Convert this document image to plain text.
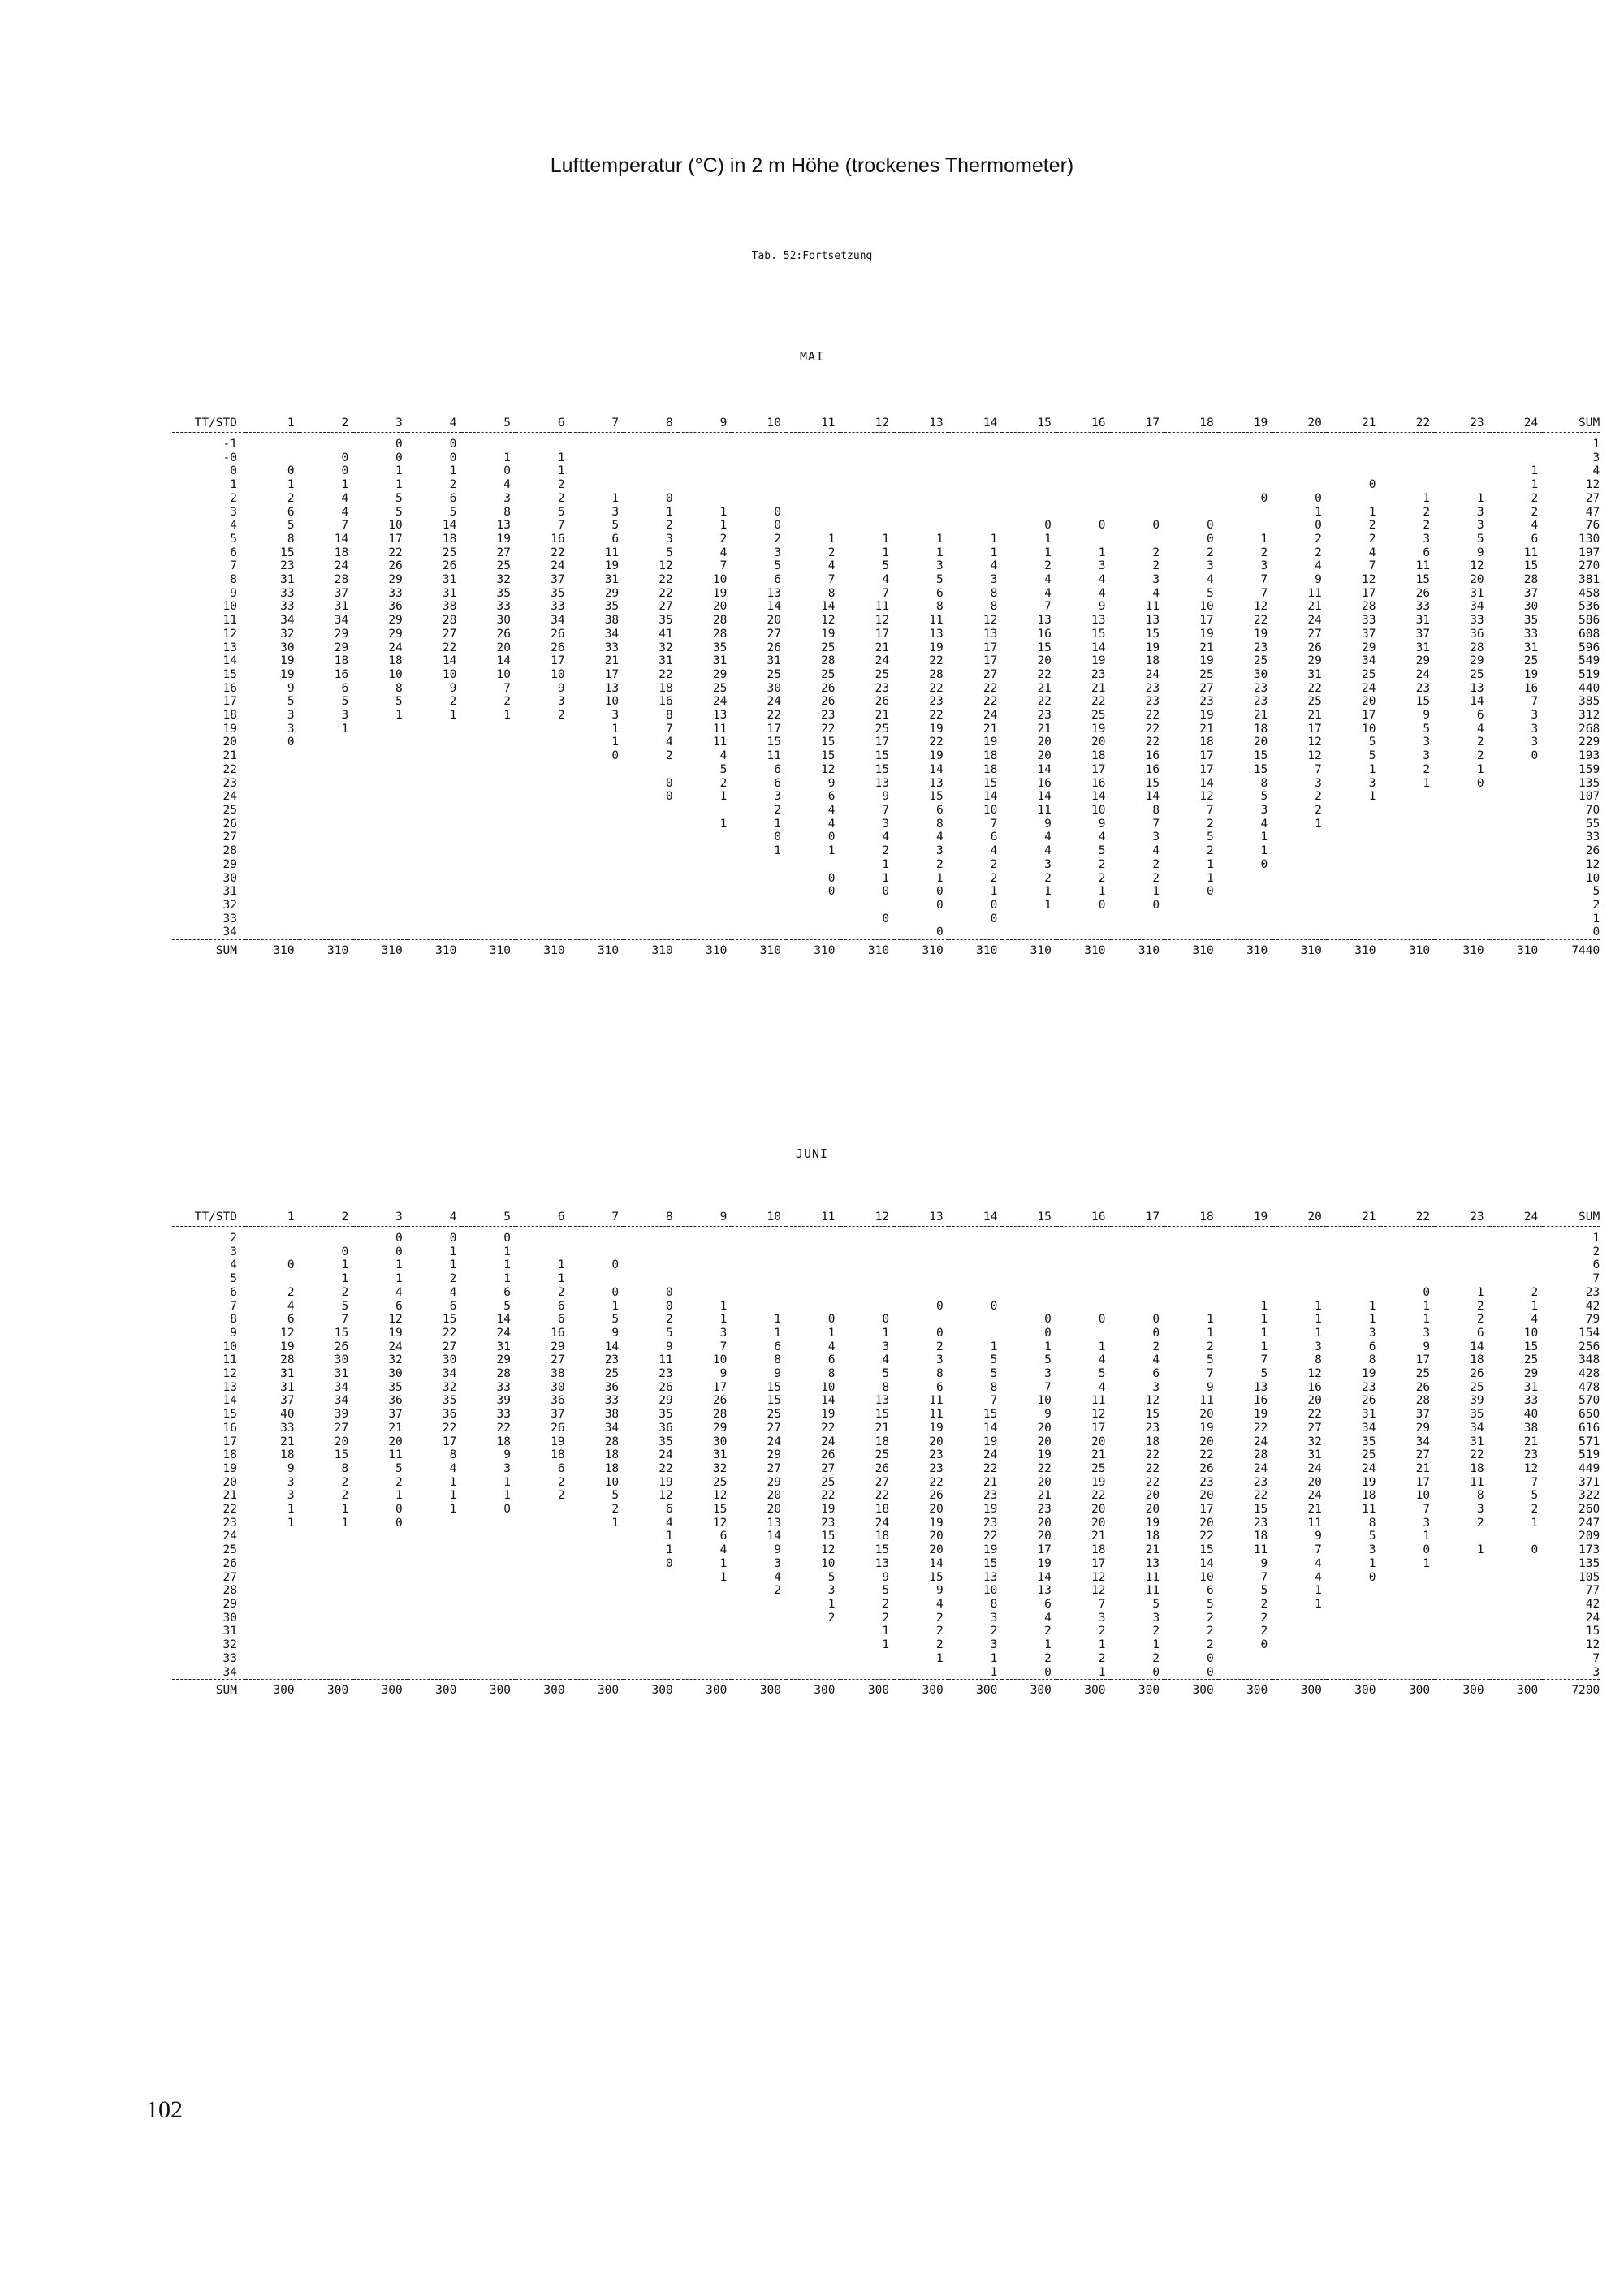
Lufttemperatur (°C) in 2 m Höhe (trockenes Thermometer)
Tab. 52:Fortsetzung
MAI
TT/STD	1	2	3	4	5	6	7	8	9	10	11	12	13	14	15	16	17	18	19	20	21	22	23	24	SUM

-1			0	0																					1
-0		0	0	0	1	1																			3
0	0	0	1	1	0	1																		1	4
1	1	1	1	2	4	2															0			1	12
2	2	4	5	6	3	2	1	0											0	0		1	1	2	27
3	6	4	5	5	8	5	3	1	1	0										1	1	2	3	2	47
4	5	7	10	14	13	7	5	2	1	0					0	0	0	0		0	2	2	3	4	76
5	8	14	17	18	19	16	6	3	2	2	1	1	1	1	1			0	1	2	2	3	5	6	130
6	15	18	22	25	27	22	11	5	4	3	2	1	1	1	1	1	2	2	2	2	4	6	9	11	197
7	23	24	26	26	25	24	19	12	7	5	4	5	3	4	2	3	2	3	3	4	7	11	12	15	270
8	31	28	29	31	32	37	31	22	10	6	7	4	5	3	4	4	3	4	7	9	12	15	20	28	381
9	33	37	33	31	35	35	29	22	19	13	8	7	6	8	4	4	4	5	7	11	17	26	31	37	458
10	33	31	36	38	33	33	35	27	20	14	14	11	8	8	7	9	11	10	12	21	28	33	34	30	536
11	34	34	29	28	30	34	38	35	28	20	12	12	11	12	13	13	13	17	22	24	33	31	33	35	586
12	32	29	29	27	26	26	34	41	28	27	19	17	13	13	16	15	15	19	19	27	37	37	36	33	608
13	30	29	24	22	20	26	33	32	35	26	25	21	19	17	15	14	19	21	23	26	29	31	28	31	596
14	19	18	18	14	14	17	21	31	31	31	28	24	22	17	20	19	18	19	25	29	34	29	29	25	549
15	19	16	10	10	10	10	17	22	29	25	25	25	28	27	22	23	24	25	30	31	25	24	25	19	519
16	9	6	8	9	7	9	13	18	25	30	26	23	22	22	21	21	23	27	23	22	24	23	13	16	440
17	5	5	5	2	2	3	10	16	24	24	26	26	23	22	22	22	23	23	23	25	20	15	14	7	385
18	3	3	1	1	1	2	3	8	13	22	23	21	22	24	23	25	22	19	21	21	17	9	6	3	312
19	3	1					1	7	11	17	22	25	19	21	21	19	22	21	18	17	10	5	4	3	268
20	0						1	4	11	15	15	17	22	19	20	20	22	18	20	12	5	3	2	3	229
21							0	2	4	11	15	15	19	18	20	18	16	17	15	12	5	3	2	0	193
22									5	6	12	15	14	18	14	17	16	17	15	7	1	2	1		159
23								0	2	6	9	13	13	15	16	16	15	14	8	3	3	1	0		135
24								0	1	3	6	9	15	14	14	14	14	12	5	2	1				107
25										2	4	7	6	10	11	10	8	7	3	2					70
26									1	1	4	3	8	7	9	9	7	2	4	1					55
27										0	0	4	4	6	4	4	3	5	1						33
28										1	1	2	3	4	4	5	4	2	1						26
29												1	2	2	3	2	2	1	0						12
30											0	1	1	2	2	2	2	1							10
31											0	0	0	1	1	1	1	0							5
32													0	0	1	0	0								2
33												0		0											1
34													0												0
SUM	310	310	310	310	310	310	310	310	310	310	310	310	310	310	310	310	310	310	310	310	310	310	310	310	7440
JUNI
TT/STD	1	2	3	4	5	6	7	8	9	10	11	12	13	14	15	16	17	18	19	20	21	22	23	24	SUM

2			0	0	0																				1
3		0	0	1	1																				2
4	0	1	1	1	1	1	0																		6
5		1	1	2	1	1																			7
6	2	2	4	4	6	2	0	0														0	1	2	23
7	4	5	6	6	5	6	1	0	1				0	0					1	1	1	1	2	1	42
8	6	7	12	15	14	6	5	2	1	1	0	0			0	0	0	1	1	1	1	1	2	4	79
9	12	15	19	22	24	16	9	5	3	1	1	1	0		0		0	1	1	1	3	3	6	10	154
10	19	26	24	27	31	29	14	9	7	6	4	3	2	1	1	1	2	2	1	3	6	9	14	15	256
11	28	30	32	30	29	27	23	11	10	8	6	4	3	5	5	4	4	5	7	8	8	17	18	25	348
12	31	31	30	34	28	38	25	23	9	9	8	5	8	5	3	5	6	7	5	12	19	25	26	29	428
13	31	34	35	32	33	30	36	26	17	15	10	8	6	8	7	4	3	9	13	16	23	26	25	31	478
14	37	34	36	35	39	36	33	29	26	15	14	13	11	7	10	11	12	11	16	20	26	28	39	33	570
15	40	39	37	36	33	37	38	35	28	25	19	15	11	15	9	12	15	20	19	22	31	37	35	40	650
16	33	27	21	22	22	26	34	36	29	27	22	21	19	14	20	17	23	19	22	27	34	29	34	38	616
17	21	20	20	17	18	19	28	35	30	24	24	18	20	19	20	20	18	20	24	32	35	34	31	21	571
18	18	15	11	8	9	18	18	24	31	29	26	25	23	24	19	21	22	22	28	31	25	27	22	23	519
19	9	8	5	4	3	6	18	22	32	27	27	26	23	22	22	25	22	26	24	24	24	21	18	12	449
20	3	2	2	1	1	2	10	19	25	29	25	27	22	21	20	19	22	23	23	20	19	17	11	7	371
21	3	2	1	1	1	2	5	12	12	20	22	22	26	23	21	22	20	20	22	24	18	10	8	5	322
22	1	1	0	1	0		2	6	15	20	19	18	20	19	23	20	20	17	15	21	11	7	3	2	260
23	1	1	0				1	4	12	13	23	24	19	23	20	20	19	20	23	11	8	3	2	1	247
24								1	6	14	15	18	20	22	20	21	18	22	18	9	5	1			209
25								1	4	9	12	15	20	19	17	18	21	15	11	7	3	0	1	0	173
26								0	1	3	10	13	14	15	19	17	13	14	9	4	1	1			135
27									1	4	5	9	15	13	14	12	11	10	7	4	0				105
28										2	3	5	9	10	13	12	11	6	5	1					77
29											1	2	4	8	6	7	5	5	2	1					42
30											2	2	2	3	4	3	3	2	2						24
31												1	2	2	2	2	2	2	2						15
32												1	2	3	1	1	1	2	0						12
33													1	1	2	2	2	0							7
34														1	0	1	0	0							3
SUM	300	300	300	300	300	300	300	300	300	300	300	300	300	300	300	300	300	300	300	300	300	300	300	300	7200
102
